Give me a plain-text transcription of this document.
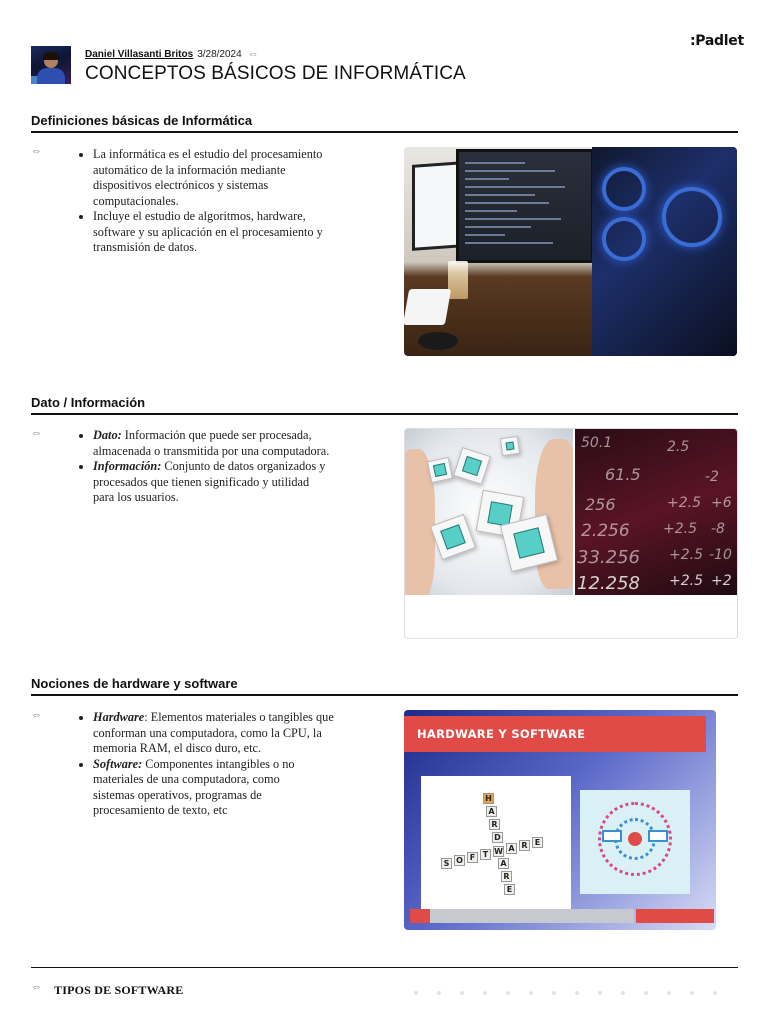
:Padlet
Daniel Villasanti Britos 3/28/2024 ⇔
CONCEPTOS BÁSICOS DE INFORMÁTICA
Definiciones básicas de Informática
⇔	• La informática es el estudio del procesamiento automático de la información mediante dispositivos electrónicos y sistemas computacionales.
• Incluye el estudio de algoritmos, hardware, software y su aplicación en el procesamiento y transmisión de datos.
Dato / Información
⇔	• Dato: Información que puede ser procesada, almacenada o transmitida por una computadora.
• Información: Conjunto de datos organizados y procesados que tienen significado y utilidad para los usuarios.
50.1	2.5
61.5	-2
256	+2.5 +6
2.256 +2.5 -8
33.256 +2.5 -10
12.258 +2.5 +2
Nociones de hardware y software
⇔	• Hardware: Elementos materiales o tangibles que conforman una computadora, como la CPU, la memoria RAM, el disco duro, etc.
• Software: Componentes intangibles o no materiales de una computadora, como sistemas operativos, programas de procesamiento de texto, etc
HARDWARE Y SOFTWARE
S O F T W A R E
H
A
R
D
A
R
E
⇔ TIPOS DE SOFTWARE
